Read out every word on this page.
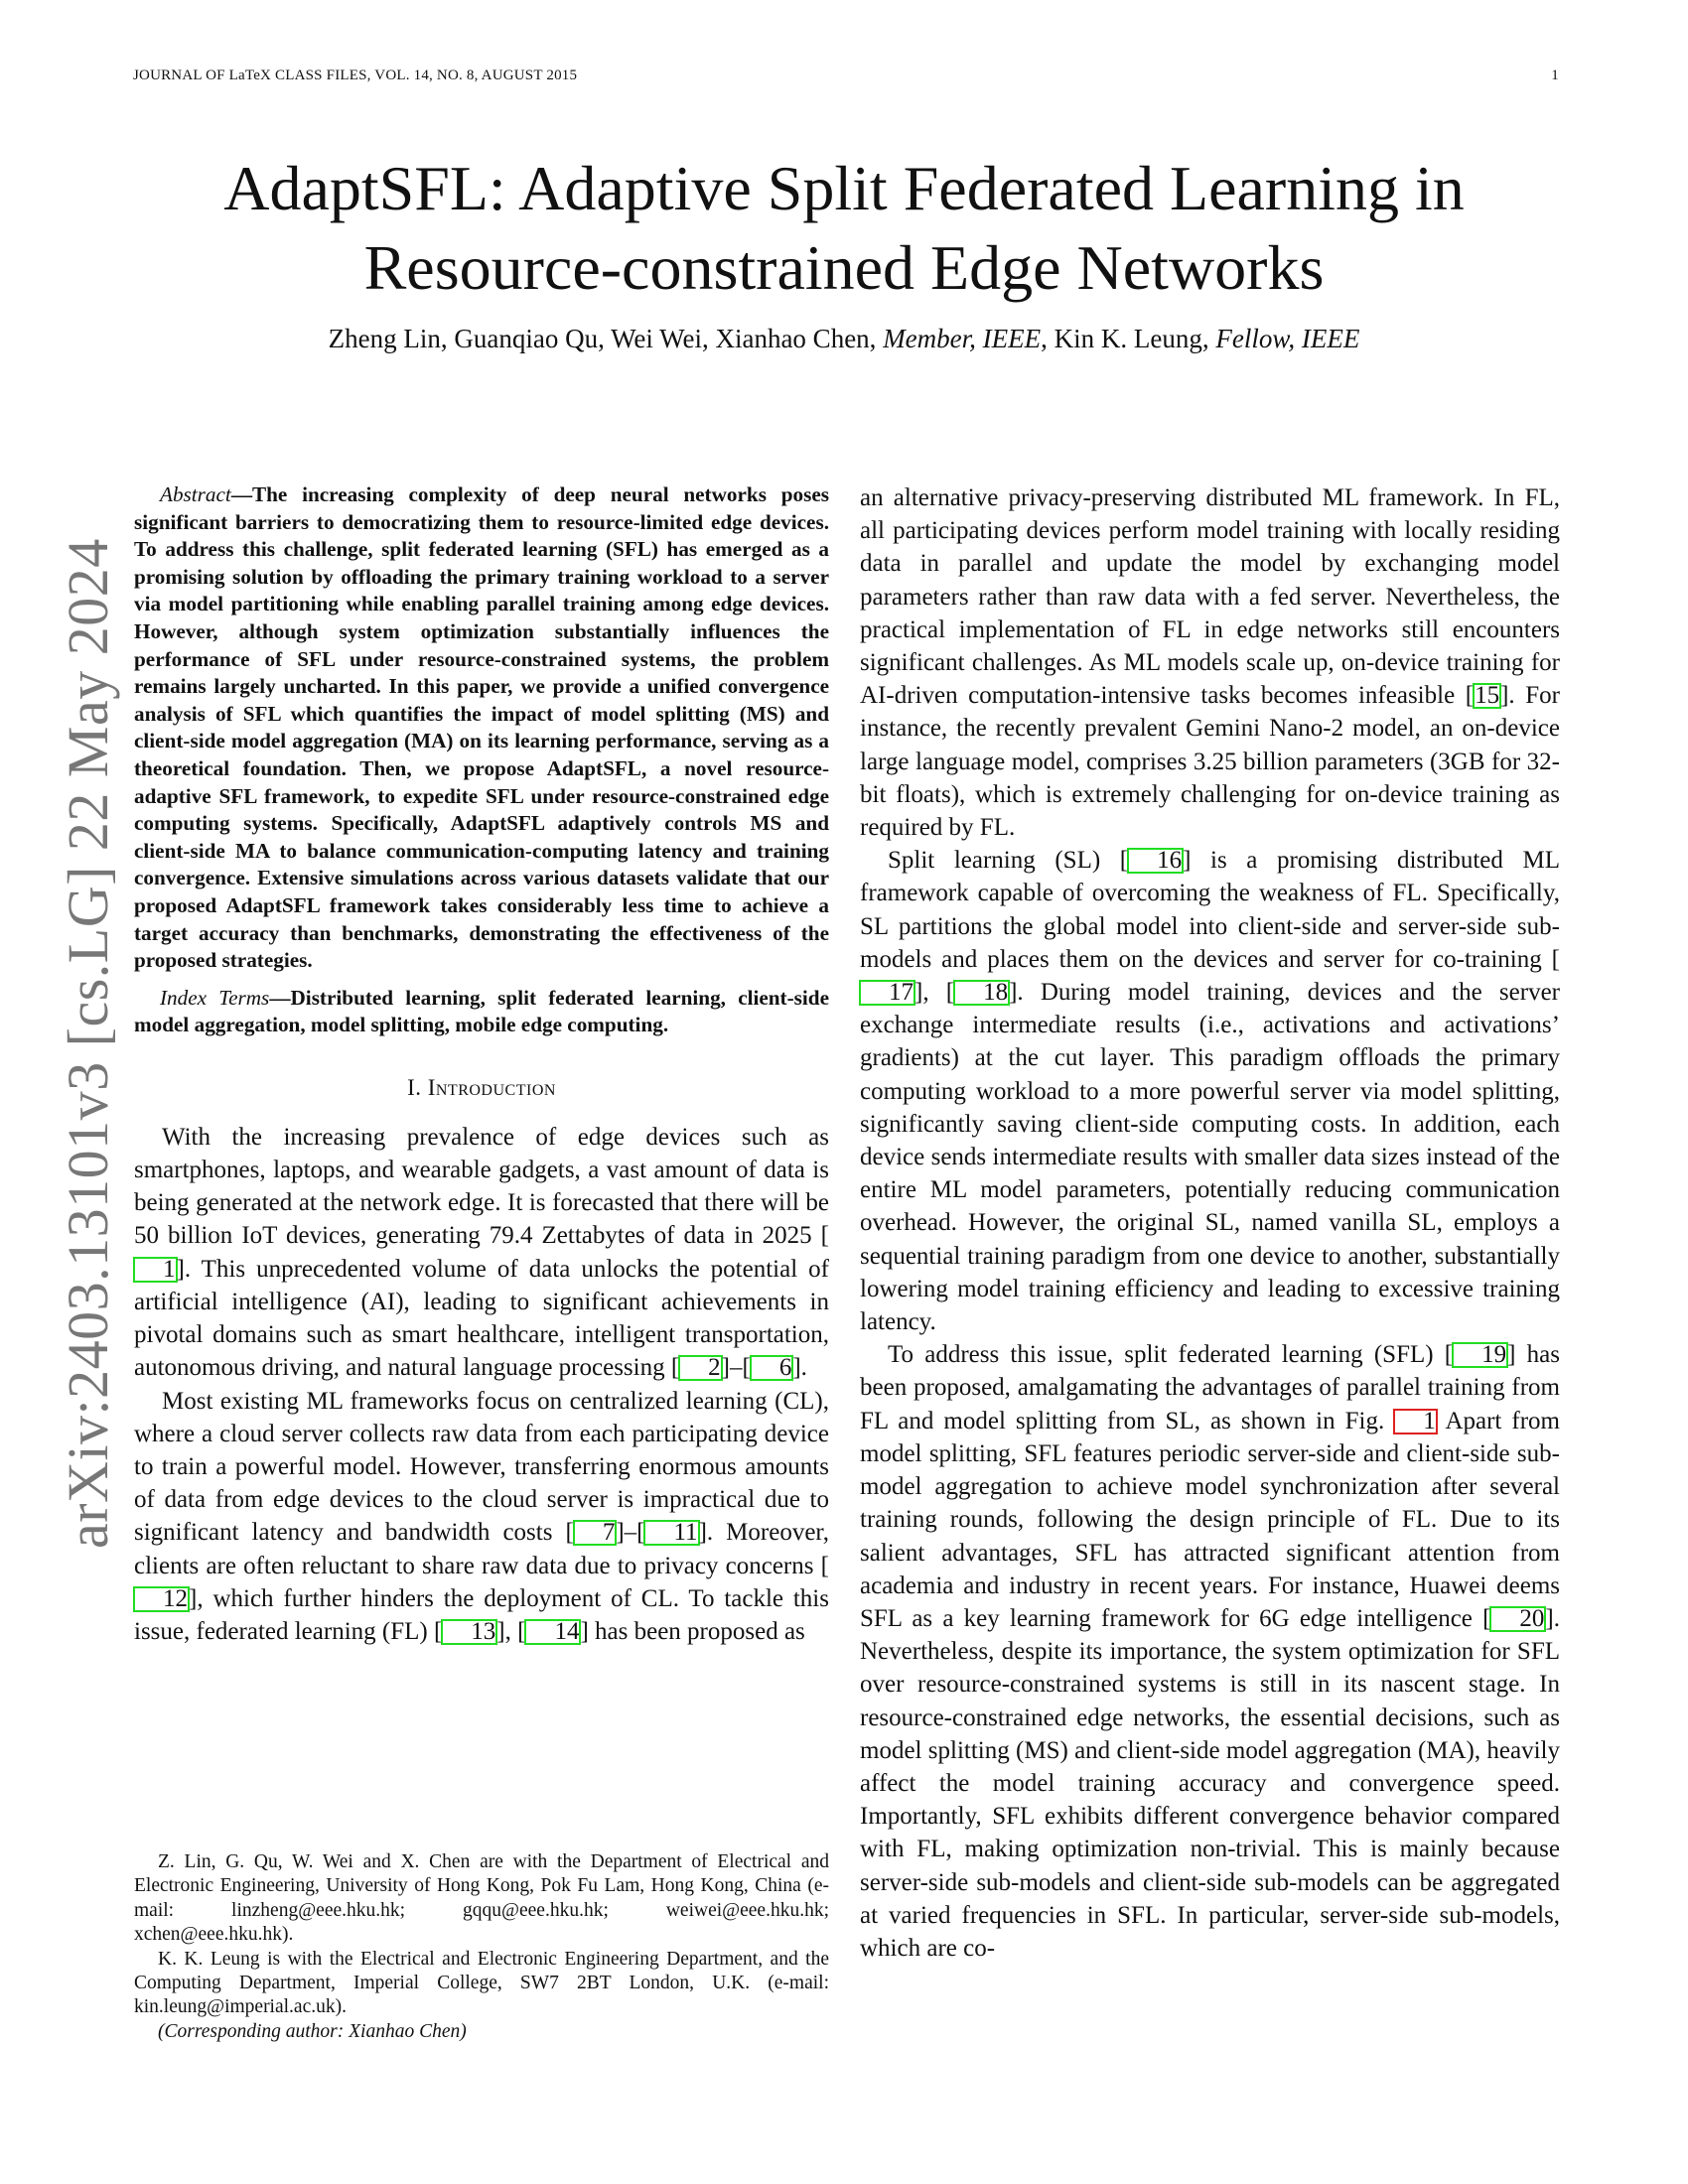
JOURNAL OF LaTeX CLASS FILES, VOL. 14, NO. 8, AUGUST 2015	1
arXiv:2403.13101v3 [cs.LG] 22 May 2024
AdaptSFL: Adaptive Split Federated Learning in
Resource-constrained Edge Networks
Zheng Lin, Guanqiao Qu, Wei Wei, Xianhao Chen, Member, IEEE, Kin K. Leung, Fellow, IEEE

Abstract—The increasing complexity of deep neural networks poses significant barriers to democratizing them to resource-limited edge devices. To address this challenge, split federated learning (SFL) has emerged as a promising solution by offloading the primary training workload to a server via model partitioning while enabling parallel training among edge devices. However, although system optimization substantially influences the performance of SFL under resource-constrained systems, the problem remains largely uncharted. In this paper, we provide a unified convergence analysis of SFL which quantifies the impact of model splitting (MS) and client-side model aggregation (MA) on its learning performance, serving as a theoretical foundation. Then, we propose AdaptSFL, a novel resource-adaptive SFL framework, to expedite SFL under resource-constrained edge computing systems. Specifically, AdaptSFL adaptively controls MS and client-side MA to balance communication-computing latency and training convergence. Extensive simulations across various datasets validate that our proposed AdaptSFL framework takes considerably less time to achieve a target accuracy than benchmarks, demonstrating the effectiveness of the proposed strategies.

Index Terms—Distributed learning, split federated learning, client-side model aggregation, model splitting, mobile edge computing.

I. Introduction

With the increasing prevalence of edge devices such as smartphones, laptops, and wearable gadgets, a vast amount of data is being generated at the network edge. It is forecasted that there will be 50 billion IoT devices, generating 79.4 Zettabytes of data in 2025 [1]. This unprecedented volume of data unlocks the potential of artificial intelligence (AI), leading to significant achievements in pivotal domains such as smart healthcare, intelligent transportation, autonomous driving, and natural language processing [ 2]–[ 6].

Most existing ML frameworks focus on centralized learning (CL), where a cloud server collects raw data from each participating device to train a powerful model. However, transferring enormous amounts of data from edge devices to the cloud server is impractical due to significant latency and bandwidth costs [ 7]–[ 11]. Moreover, clients are often reluctant to share raw data due to privacy concerns [12], which further hinders the deployment of CL. To tackle this issue, federated learning (FL) [ 13], [ 14] has been proposed as

Z. Lin, G. Qu, W. Wei and X. Chen are with the Department of Electrical and Electronic Engineering, University of Hong Kong, Pok Fu Lam, Hong Kong, China (e-mail: linzheng@eee.hku.hk; gqqu@eee.hku.hk; weiwei@eee.hku.hk; xchen@eee.hku.hk).

K. K. Leung is with the Electrical and Electronic Engineering Department, and the Computing Department, Imperial College, SW7 2BT London, U.K. (e-mail: kin.leung@imperial.ac.uk).

(Corresponding author: Xianhao Chen)

an alternative privacy-preserving distributed ML framework. In FL, all participating devices perform model training with locally residing data in parallel and update the model by exchanging model parameters rather than raw data with a fed server. Nevertheless, the practical implementation of FL in edge networks still encounters significant challenges. As ML models scale up, on-device training for AI-driven computation-intensive tasks becomes infeasible [15]. For instance, the recently prevalent Gemini Nano-2 model, an on-device large language model, comprises 3.25 billion parameters (3GB for 32-bit floats), which is extremely challenging for on-device training as required by FL.

Split learning (SL) [ 16] is a promising distributed ML framework capable of overcoming the weakness of FL. Specifically, SL partitions the global model into client-side and server-side sub-models and places them on the devices and server for co-training [17], [ 18]. During model training, devices and the server exchange intermediate results (i.e., activations and activations’ gradients) at the cut layer. This paradigm offloads the primary computing workload to a more powerful server via model splitting, significantly saving client-side computing costs. In addition, each device sends intermediate results with smaller data sizes instead of the entire ML model parameters, potentially reducing communication overhead. However, the original SL, named vanilla SL, employs a sequential training paradigm from one device to another, substantially lowering model training efficiency and leading to excessive training latency.

To address this issue, split federated learning (SFL) [ 19] has been proposed, amalgamating the advantages of parallel training from FL and model splitting from SL, as shown in Fig. 1 Apart from model splitting, SFL features periodic server-side and client-side sub-model aggregation to achieve model synchronization after several training rounds, following the design principle of FL. Due to its salient advantages, SFL has attracted significant attention from academia and industry in recent years. For instance, Huawei deems SFL as a key learning framework for 6G edge intelligence [ 20]. Nevertheless, despite its importance, the system optimization for SFL over resource-constrained systems is still in its nascent stage. In resource-constrained edge networks, the essential decisions, such as model splitting (MS) and client-side model aggregation (MA), heavily affect the model training accuracy and convergence speed. Importantly, SFL exhibits different convergence behavior compared with FL, making optimization non-trivial. This is mainly because server-side sub-models and client-side sub-models can be aggregated at varied frequencies in SFL. In particular, server-side sub-models, which are co-
